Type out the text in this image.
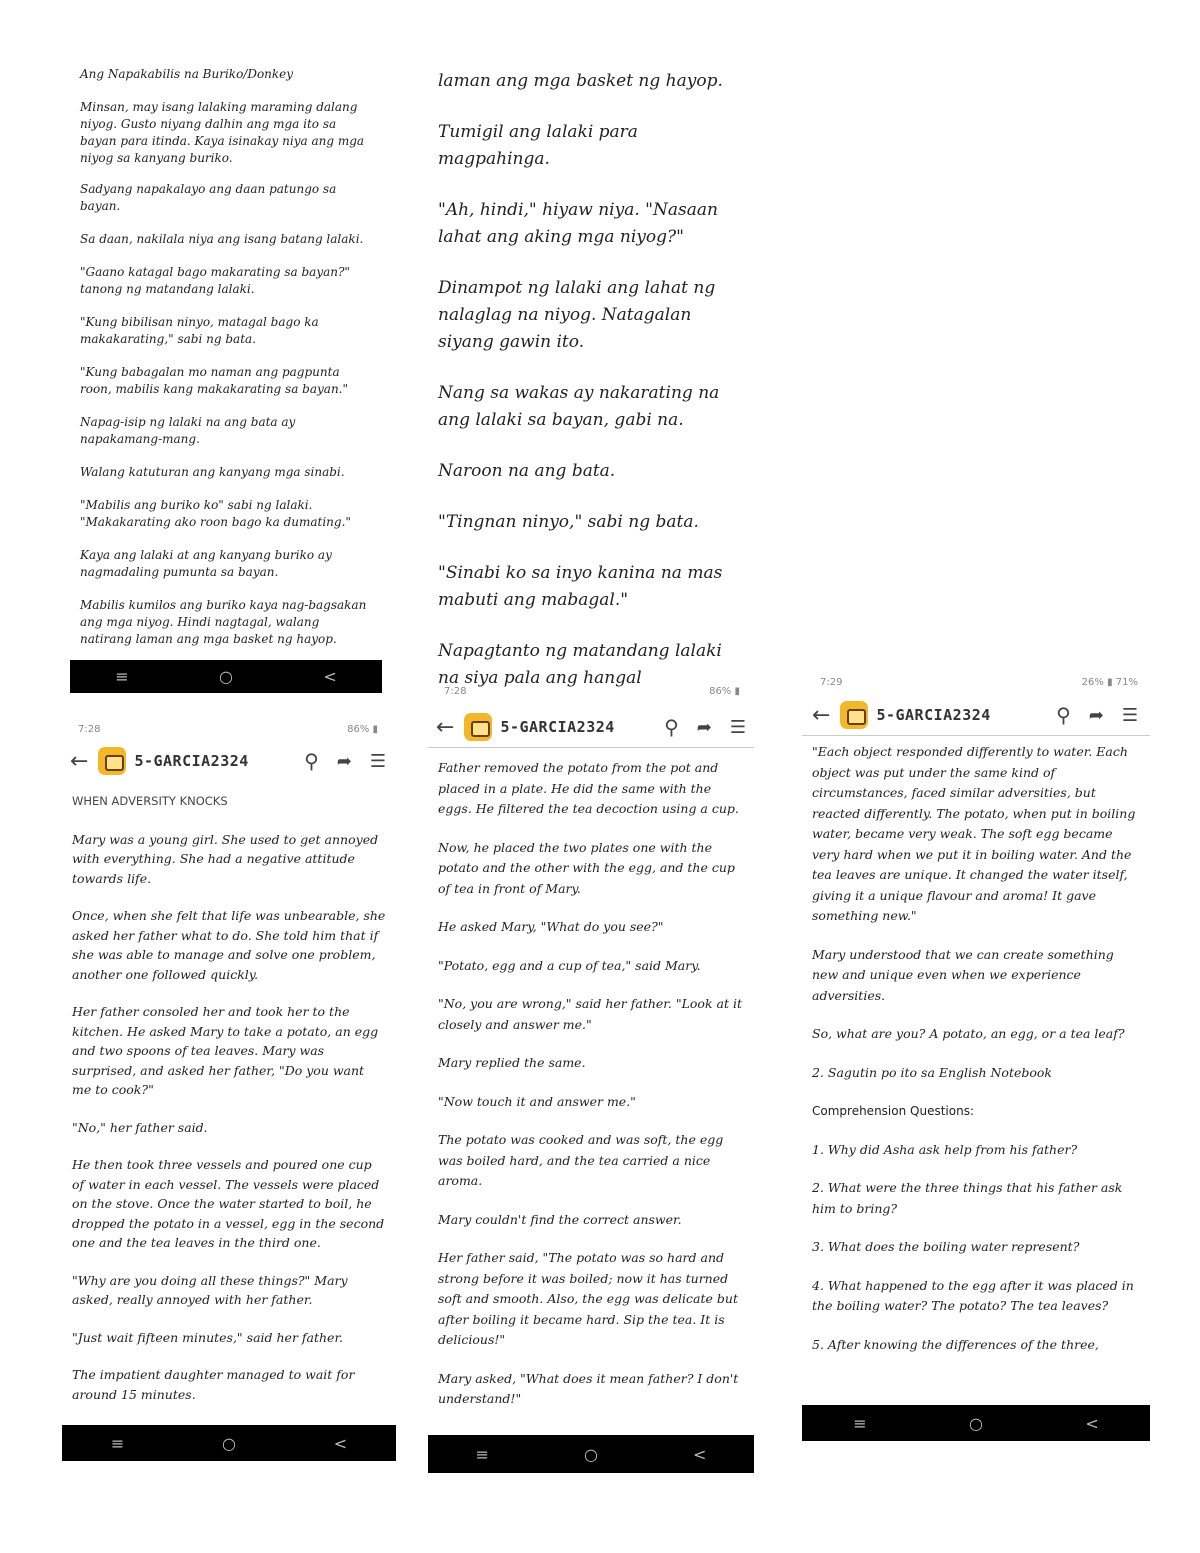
Ang Napakabilis na Buriko/Donkey

Minsan, may isang lalaking maraming dalang niyog. Gusto niyang dalhin ang mga ito sa bayan para itinda. Kaya isinakay niya ang mga niyog sa kanyang buriko.

Sadyang napakalayo ang daan patungo sa bayan.

Sa daan, nakilala niya ang isang batang lalaki.

"Gaano katagal bago makarating sa bayan?" tanong ng matandang lalaki.

"Kung bibilisan ninyo, matagal bago ka makakarating," sabi ng bata.

"Kung babagalan mo naman ang pagpunta roon, mabilis kang makakarating sa bayan."

Napag-isip ng lalaki na ang bata ay napakamang-mang.

Walang katuturan ang kanyang mga sinabi.

"Mabilis ang buriko ko" sabi ng lalaki. "Makakarating ako roon bago ka dumating."

Kaya ang lalaki at ang kanyang buriko ay nagmadaling pumunta sa bayan.

Mabilis kumilos ang buriko kaya nag-bagsakan ang mga niyog. Hindi nagtagal, walang natirang laman ang mga basket ng hayop.

≡	○	<

laman ang mga basket ng hayop.

Tumigil ang lalaki para magpahinga.

"Ah, hindi," hiyaw niya. "Nasaan lahat ang aking mga niyog?"

Dinampot ng lalaki ang lahat ng nalaglag na niyog. Natagalan siyang gawin ito.

Nang sa wakas ay nakarating na ang lalaki sa bayan, gabi na.

Naroon na ang bata.

"Tingnan ninyo," sabi ng bata.

"Sinabi ko sa inyo kanina na mas mabuti ang mabagal."

Napagtanto ng matandang lalaki na siya pala ang hangal

7:28	86% ▮
←	5-GARCIA2324	⚲ ➦ ☰

WHEN ADVERSITY KNOCKS

Mary was a young girl. She used to get annoyed with everything. She had a negative attitude towards life.

Once, when she felt that life was unbearable, she asked her father what to do. She told him that if she was able to manage and solve one problem, another one followed quickly.

Her father consoled her and took her to the kitchen. He asked Mary to take a potato, an egg and two spoons of tea leaves. Mary was surprised, and asked her father, "Do you want me to cook?"

"No," her father said.

He then took three vessels and poured one cup of water in each vessel. The vessels were placed on the stove. Once the water started to boil, he dropped the potato in a vessel, egg in the second one and the tea leaves in the third one.

"Why are you doing all these things?" Mary asked, really annoyed with her father.

"Just wait fifteen minutes," said her father.

The impatient daughter managed to wait for around 15 minutes.

≡	○	<
7:28	86% ▮
←	5-GARCIA2324 ⚲ ➦ ☰

Father removed the potato from the pot and placed in a plate. He did the same with the eggs. He filtered the tea decoction using a cup.

Now, he placed the two plates one with the potato and the other with the egg, and the cup of tea in front of Mary.

He asked Mary, "What do you see?"

"Potato, egg and a cup of tea," said Mary.

"No, you are wrong," said her father. "Look at it closely and answer me."

Mary replied the same.

"Now touch it and answer me."

The potato was cooked and was soft, the egg was boiled hard, and the tea carried a nice aroma.

Mary couldn't find the correct answer.

Her father said, "The potato was so hard and strong before it was boiled; now it has turned soft and smooth. Also, the egg was delicate but after boiling it became hard. Sip the tea. It is delicious!"

Mary asked, "What does it mean father? I don't understand!"

≡	○	<
7:29	26% ▮ 71%
←	5-GARCIA2324	⚲ ➦ ☰

"Each object responded differently to water. Each object was put under the same kind of circumstances, faced similar adversities, but reacted differently. The potato, when put in boiling water, became very weak. The soft egg became very hard when we put it in boiling water. And the tea leaves are unique. It changed the water itself, giving it a unique flavour and aroma! It gave something new."

Mary understood that we can create something new and unique even when we experience adversities.

So, what are you? A potato, an egg, or a tea leaf?

2. Sagutin po ito sa English Notebook

Comprehension Questions:

1. Why did Asha ask help from his father?

2. What were the three things that his father ask him to bring?

3. What does the boiling water represent?

4. What happened to the egg after it was placed in the boiling water? The potato? The tea leaves?

5. After knowing the differences of the three,

≡	○	<
